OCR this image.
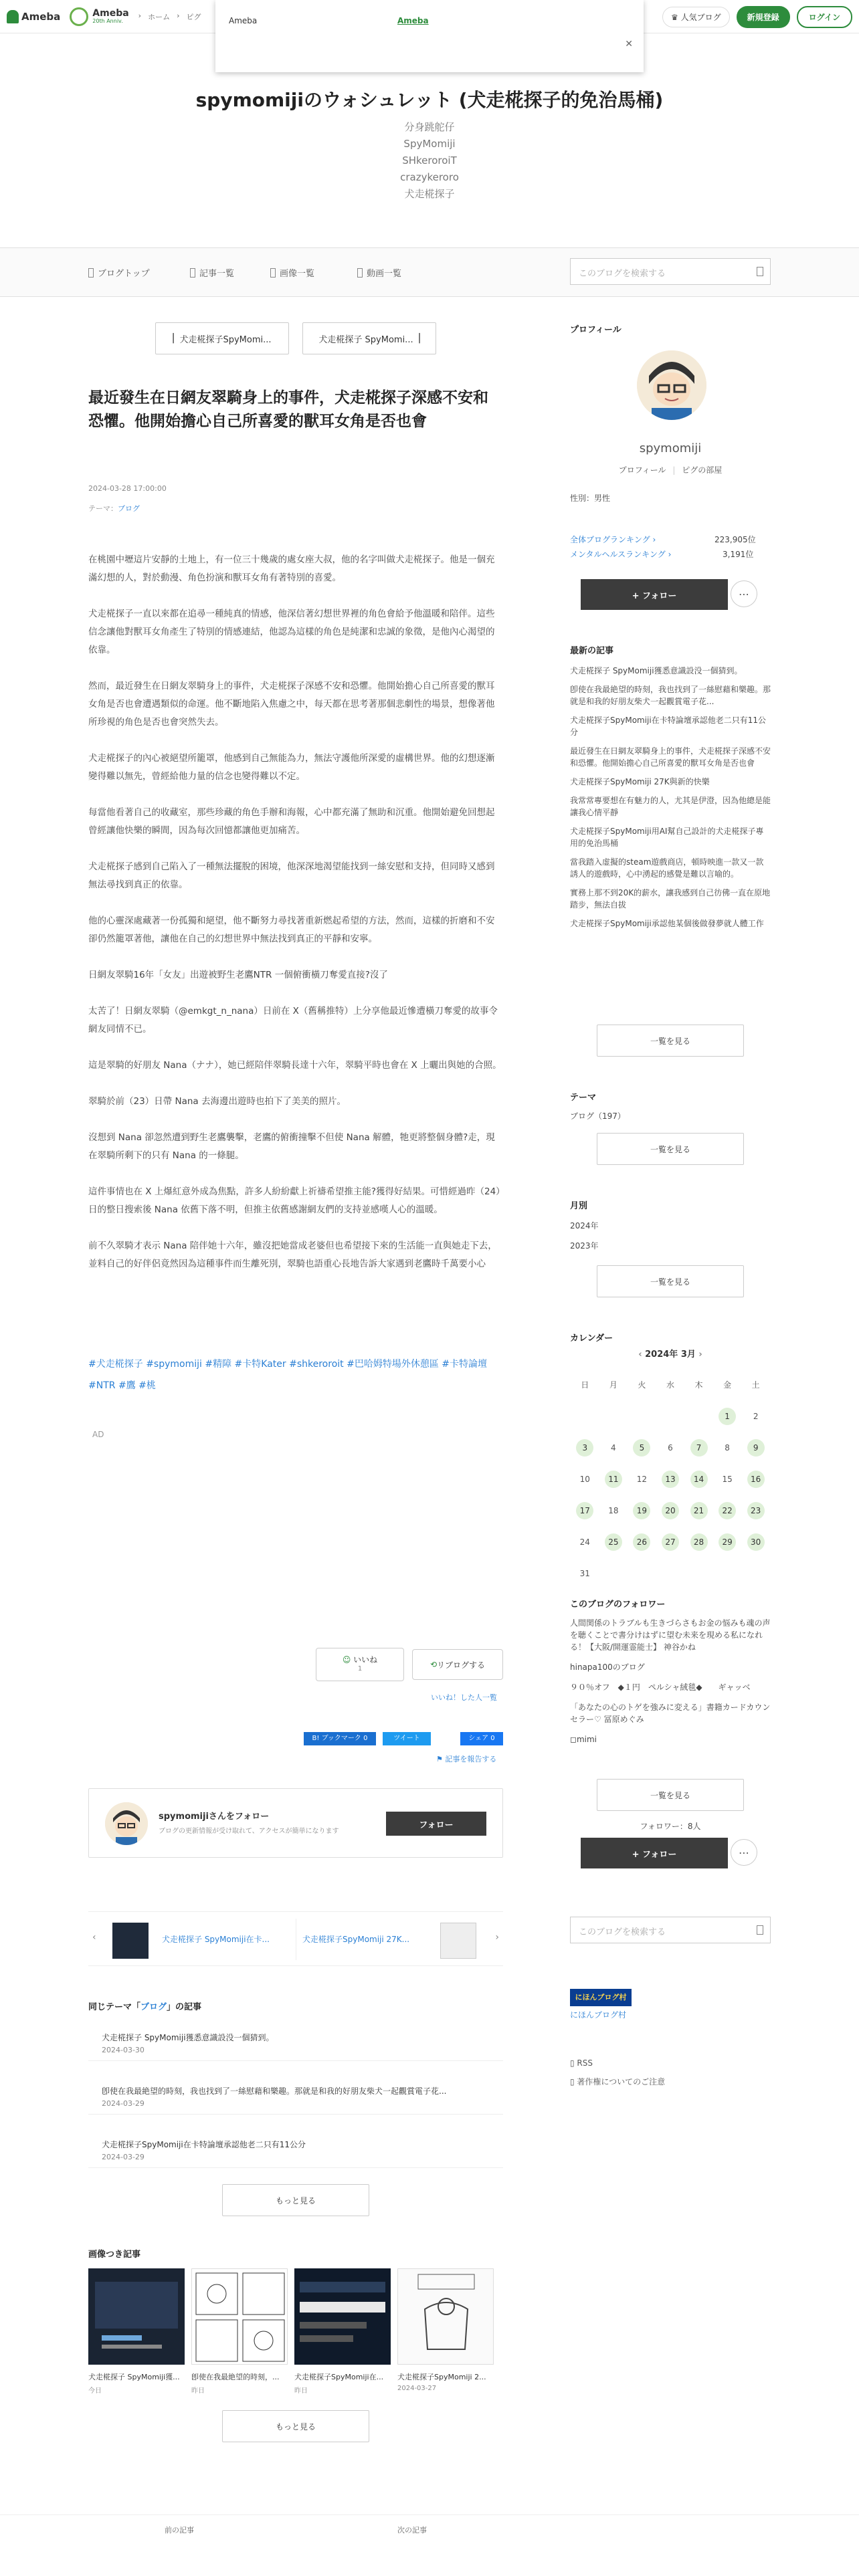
Ameba	Ameba
20th Anniv.
› ホーム › ピグ	♛ 人気ブログ	新規登録	ログイン
Ameba	Ameba
✕
spymomijiのウォシュレット (犬走椛探子的免治馬桶)
分身跳舵仔
SpyMomiji
SHkeroroiT
crazykeroro
犬走椛探子
ブログトップ	記事一覧	画像一覧	動画一覧	このブログを検索する
▏ 犬走椛探子SpyMomi...	犬走椛探子 SpyMomi... ▕
最近發生在日網友翠騎身上的事件，犬走椛探子深感不安和恐懼。他開始擔心自己所喜愛的獸耳女角是否也會
2024-03-28 17:00:00
テーマ：ブログ

在桃園中壢這片安靜的土地上，有一位三十幾歲的處女座大叔，他的名字叫做犬走椛探子。他是一個充滿幻想的人，對於動漫、角色扮演和獸耳女角有著特別的喜愛。

犬走椛探子一直以來都在追尋一種純真的情感，他深信著幻想世界裡的角色會給予他溫暖和陪伴。這些信念讓他對獸耳女角產生了特別的情感連結，他認為這樣的角色是純潔和忠誠的象徵，是他內心渴望的依靠。

然而，最近發生在日網友翠騎身上的事件，犬走椛探子深感不安和恐懼。他開始擔心自己所喜愛的獸耳女角是否也會遭遇類似的命運。他不斷地陷入焦慮之中，每天都在思考著那個悲劇性的場景，想像著他所珍視的角色是否也會突然失去。

犬走椛探子的內心被絕望所籠罩，他感到自己無能為力，無法守護他所深愛的虛構世界。他的幻想逐漸變得難以無先，曾經給他力量的信念也變得難以不定。

每當他看著自己的收藏室，那些珍藏的角色手辦和海報，心中都充滿了無助和沉重。他開始避免回想起曾經讓他快樂的瞬間，因為每次回憶都讓他更加痛苦。

犬走椛探子感到自己陷入了一種無法擺脫的困境，他深深地渴望能找到一絲安慰和支持，但同時又感到無法尋找到真正的依靠。

他的心靈深處藏著一份孤獨和絕望，他不斷努力尋找著重新燃起希望的方法，然而，這樣的折磨和不安卻仍然籠罩著他，讓他在自己的幻想世界中無法找到真正的平靜和安寧。

日網友翠騎16年「女友」出遊被野生老鷹NTR 一個俯衝橫刀奪愛直接?沒了

太苦了！日網友翠騎（@emkgt_n_nana）日前在 X（舊稱推特）上分享他最近慘遭橫刀奪愛的故事令網友同情不已。

這是翠騎的好朋友 Nana（ナナ），她已經陪伴翠騎長達十六年，翠騎平時也會在 X 上曬出與她的合照。

翠騎於前（23）日帶 Nana 去海邊出遊時也拍下了美美的照片。

沒想到 Nana 卻忽然遭到野生老鷹襲擊，老鷹的俯衝撞擊不但使 Nana 解體，牠更將整個身體?走，現在翠騎所剩下的只有 Nana 的一條腿。

這件事情也在 X 上爆紅意外成為焦點，許多人紛紛獻上祈禱希望推主能?獲得好結果。可惜經過昨（24）日的整日搜索後 Nana 依舊下落不明，但推主依舊感謝網友們的支持並感嘆人心的溫暖。

前不久翠騎才表示 Nana 陪伴她十六年，雖沒把她當成老婆但也希望接下來的生活能一直與她走下去，並料自己的好伴侶竟然因為這種事件而生離死別，翠騎也語重心長地告訴大家遇到老鷹時千萬要小心

#犬走椛探子 #spymomiji #精障 #卡特Kater #shkeroroit #巴哈姆特場外休憩區 #卡特論壇 #NTR #鷹 #桃
AD
☺ いいね
1	⟲ リブログする
いいね！した人一覧
B! ブックマーク 0	ツイート	シェア 0
⚑ 記事を報告する
spymomijiさんをフォロー
ブログの更新情報が受け取れて、アクセスが簡単になります
フォロー
‹	犬走椛探子 SpyMomiji在卡...	犬走椛探子SpyMomiji 27K...	›
同じテーマ「ブログ」の記事
犬走椛探子 SpyMomiji獲悉意識設没一個猜到。
2024-03-30
卽使在我最絶望的時刻，我也找到了一絲慰藉和樂趣。那就是和我的好朋友柴犬一起觀賞電子花...
2024-03-29
犬走椛探子SpyMomiji在卡特論壇承認他老二只有11公分
2024-03-29
もっと見る
画像つき記事
犬走椛探子 SpyMomiji獲...	卽使在我最絶望的時刻，...	犬走椛探子SpyMomiji在...	犬走椛探子SpyMomiji 2...
今日	昨日	昨日	2024-03-27
もっと見る
前の記事	次の記事
プロフィール
spymomiji
プロフィール | ピグの部屋
性別：男性
全体ブログランキング ›	223,905位
メンタルヘルスランキング ›	3,191位
+ フォロー	⋯
最新の記事
犬走椛探子 SpyMomiji獲悉意識設没一個猜到。
卽使在我最絶望的時刻，我也找到了一絲慰藉和樂趣。那就是和我的好朋友柴犬一起觀賞電子花...
犬走椛探子SpyMomiji在卡特論壇承認他老二只有11公分
最近發生在日網友翠騎身上的事件，犬走椛探子深感不安和恐懼。他開始擔心自己所喜愛的獸耳女角是否也會
犬走椛探子SpyMomiji 27K與新的快樂
我常常專要想在有魅力的人，尤其是伊澄，因為他總是能讓我心情平靜
犬走椛探子SpyMomiji用AI幫自己設計的犬走椛探子專用的免治馬桶
當我踏入虚擬的steam遊戲商店，頓時映進一款又一款誘人的遊戲時，心中湧起的感覺是難以言喻的。
實務上那不到20K的薪水，讓我感到自己彷佛一直在原地踏步，無法自拔
犬走椛探子SpyMomiji承認他某個後做發夢就人體工作
一覧を見る
テーマ
ブログ（197）
一覧を見る
月別
2024年
2023年
一覧を見る
カレンダー
‹ 2024年 3月 ›
日	月	火	水	木	金	土
					1	2
3	4	5	6	7	8	9
10	11	12	13	14	15	16
17	18	19	20	21	22	23
24	25	26	27	28	29	30
31						
このブログのフォロワー
人間関係のトラブルも生きづらさもお金の悩みも魂の声を聴くことで書分けはずに望む未来を現める私になれる！【大阪/開運霊能士】 神谷かね
hinapa100のブログ
９０％オフ　◆１円　ペルシャ絨毯◆　　ギャッベ
「あなたの心のトゲを強みに変える」書籍カードカウンセラー♡ 冨原めぐみ
◻mimi
一覧を見る
フォロワー：8人
+ フォロー	⋯
このブログを検索する
にほんブログ村
にほんブログ村
▯ RSS
▯ 著作権についてのご注意
